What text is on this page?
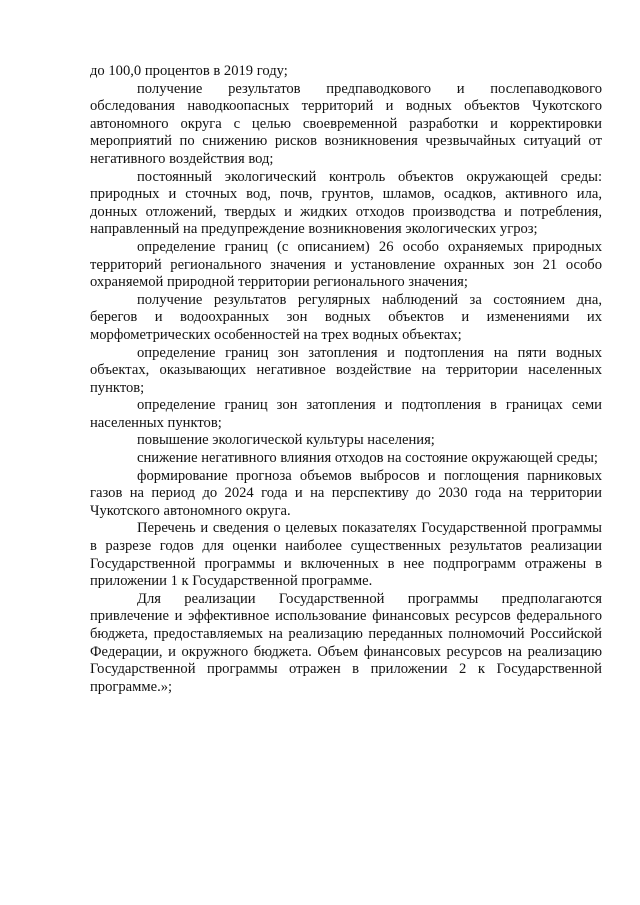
до 100,0 процентов в 2019 году;

получение результатов предпаводкового и послепаводкового обследования наводкоопасных территорий и водных объектов Чукотского автономного округа с целью своевременной разработки и корректировки мероприятий по снижению рисков возникновения чрезвычайных ситуаций от негативного воздействия вод;

постоянный экологический контроль объектов окружающей среды: природных и сточных вод, почв, грунтов, шламов, осадков, активного ила, донных отложений, твердых и жидких отходов производства и потребления, направленный на предупреждение возникновения экологических угроз;

определение границ (с описанием) 26 особо охраняемых природных территорий регионального значения и установление охранных зон 21 особо охраняемой природной территории регионального значения;

получение результатов регулярных наблюдений за состоянием дна, берегов и водоохранных зон водных объектов и изменениями их морфометрических особенностей на трех водных объектах;

определение границ зон затопления и подтопления на пяти водных объектах, оказывающих негативное воздействие на территории населенных пунктов;

определение границ зон затопления и подтопления в границах семи населенных пунктов;

повышение экологической культуры населения;

снижение негативного влияния отходов на состояние окружающей среды;

формирование прогноза объемов выбросов и поглощения парниковых газов на период до 2024 года и на перспективу до 2030 года на территории Чукотского автономного округа.

Перечень и сведения о целевых показателях Государственной программы в разрезе годов для оценки наиболее существенных результатов реализации Государственной программы и включенных в нее подпрограмм отражены в приложении 1 к Государственной программе.

Для реализации Государственной программы предполагаются привлечение и эффективное использование финансовых ресурсов федерального бюджета, предоставляемых на реализацию переданных полномочий Российской Федерации, и окружного бюджета. Объем финансовых ресурсов на реализацию Государственной программы отражен в приложении 2 к Государственной программе.»;
